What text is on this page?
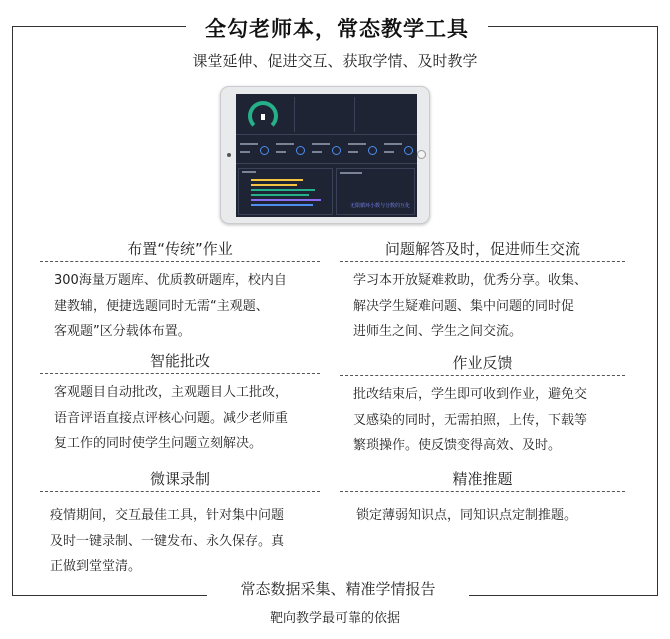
全勾老师本，常态教学工具
课堂延伸、促进交互、获取学情、及时教学
无限循环小数与分数的互化
布置“传统”作业
300海量万题库、优质教研题库，校内自
建教辅，便捷选题同时无需“主观题、
客观题”区分载体布置。
智能批改
客观题目自动批改，主观题目人工批改，
语音评语直接点评核心问题。减少老师重
复工作的同时使学生问题立刻解决。
微课录制
疫情期间，交互最佳工具，针对集中问题
及时一键录制、一键发布、永久保存。真
正做到堂堂清。
问题解答及时，促进师生交流
学习本开放疑难救助，优秀分享。收集、
解决学生疑难问题、集中问题的同时促
进师生之间、学生之间交流。
作业反馈
批改结束后，学生即可收到作业，避免交
叉感染的同时，无需拍照，上传，下载等
繁琐操作。使反馈变得高效、及时。
精准推题
锁定薄弱知识点，同知识点定制推题。
常态数据采集、精准学情报告
靶向教学最可靠的依据
